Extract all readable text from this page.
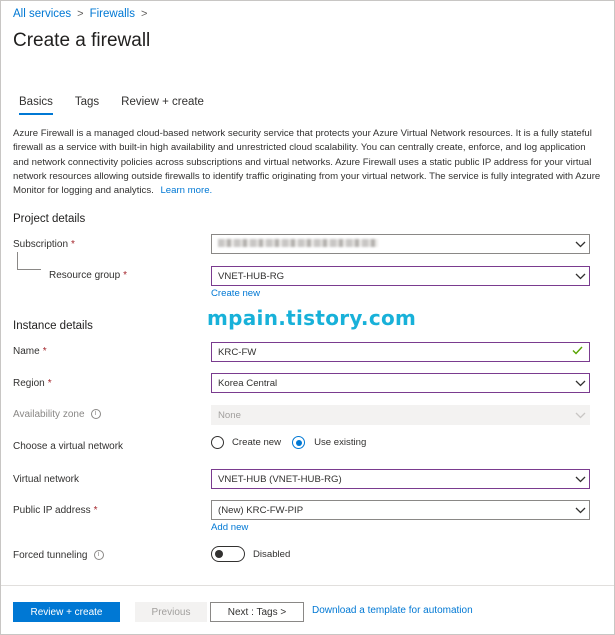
All services > Firewalls >
Create a firewall
Basics Tags Review + create
Azure Firewall is a managed cloud-based network security service that protects your Azure Virtual Network resources. It is a fully stateful firewall as a service with built-in high availability and unrestricted cloud scalability. You can centrally create, enforce, and log application and network connectivity policies across subscriptions and virtual networks. Azure Firewall uses a static public IP address for your virtual network resources allowing outside firewalls to identify traffic originating from your virtual network. The service is fully integrated with Azure Monitor for logging and analytics. Learn more.
Project details
Subscription *
Resource group *	VNET-HUB-RG
Create new
Instance details	mpain.tistory.com
Name *	KRC-FW
Region *	Korea Central
Availability zone i	None
Choose a virtual network	Create new	Use existing
Virtual network	VNET-HUB (VNET-HUB-RG)
Public IP address *	(New) KRC-FW-PIP
Add new
Forced tunneling i	Disabled
Review + create	Previous	Next : Tags >	Download a template for automation
